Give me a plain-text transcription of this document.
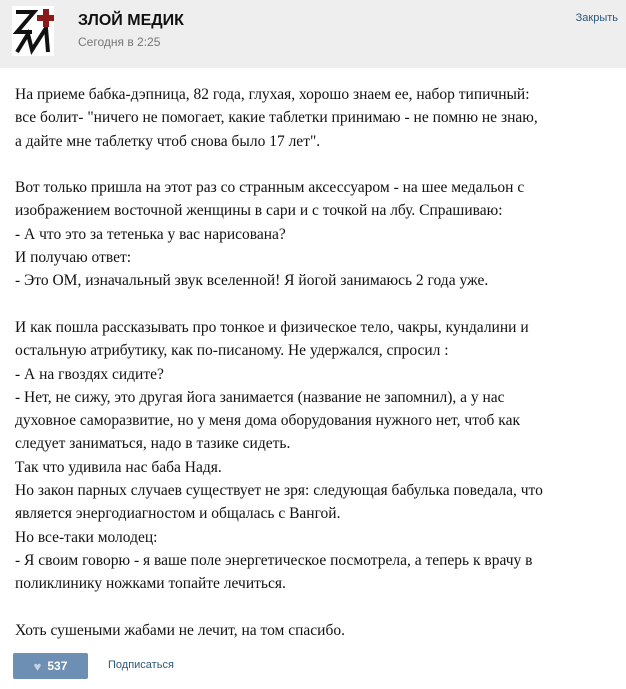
ЗЛОЙ МЕДИК
Сегодня в 2:25
Закрыть
На приеме бабка-дэпница, 82 года, глухая, хорошо знаем ее, набор типичный:
все болит- "ничего не помогает, какие таблетки принимаю - не помню не знаю,
а дайте мне таблетку чтоб снова было 17 лет".

Вот только пришла на этот раз со странным аксессуаром - на шее медальон с
изображением восточной женщины в сари и с точкой на лбу. Спрашиваю:
- А что это за тетенька у вас нарисована?
И получаю ответ:
- Это ОМ, изначальный звук вселенной! Я йогой занимаюсь 2 года уже.

И как пошла рассказывать про тонкое и физическое тело, чакры, кундалини и
остальную атрибутику, как по-писаному. Не удержался, спросил :
- А на гвоздях сидите?
- Нет, не сижу, это другая йога занимается (название не запомнил), а у нас
духовное саморазвитие, но у меня дома оборудования нужного нет, чтоб как
следует заниматься, надо в тазике сидеть.
Так что удивила нас баба Надя.
Но закон парных случаев существует не зря: следующая бабулька поведала, что
является энергодиагностом и общалась с Вангой.
Но все-таки молодец:
- Я своим говорю - я ваше поле энергетическое посмотрела, а теперь к врачу в
поликлинику ножками топайте лечиться.

Хоть сушеными жабами не лечит, на том спасибо.
♥ 537	Подписаться
